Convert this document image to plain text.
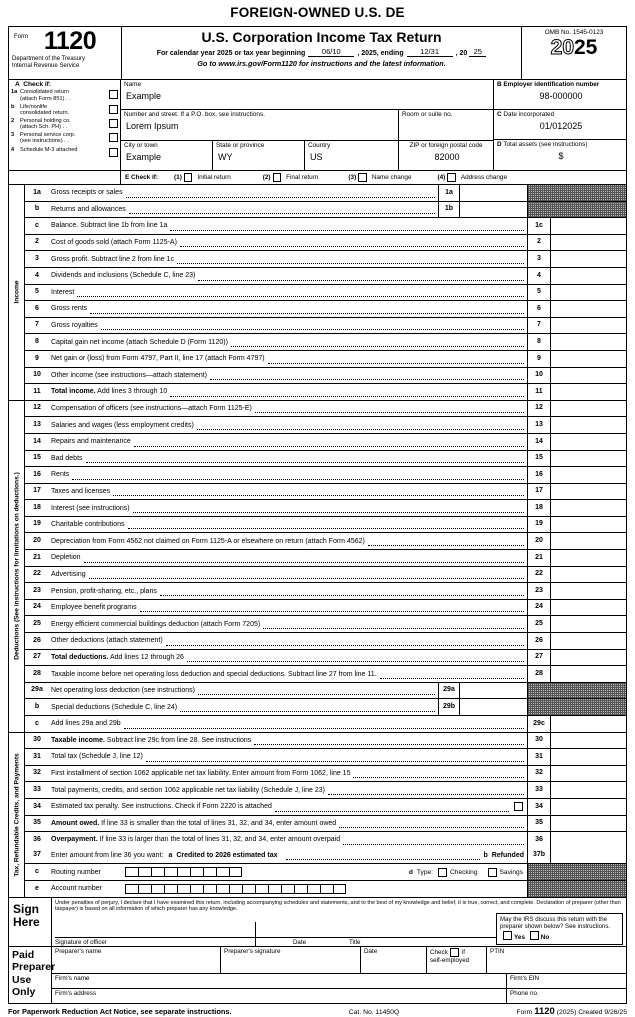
FOREIGN-OWNED U.S. DE
Form 1120
Department of the Treasury
Internal Revenue Service
U.S. Corporation Income Tax Return
For calendar year 2025 or tax year beginning	06/10	, 2025, ending	12/31	, 20 25
Go to www.irs.gov/Form1120 for instructions and the latest information.
OMB No. 1545-0123
2025
A Check if:
1a Consolidated return
(attach Form 851) . .
b Life/nonlife
consolidated return.
2	Personal holding co.
(attach Sch. PH) . .
3	Personal service corp.
(see instructions) . .
4	Schedule M-3 attached
Name
Example
Number and street. If a P.O. box, see instructions.
Lorem Ipsum
Room or suite no.
City or town
Example
State or province
WY
Country
US
ZIP or foreign postal code
82000
B Employer identification number
98-000000
C Date incorporated
01/012025
D Total assets (see instructions)
$
E
Check if:	(1) Initial return	(2) Final return	(3) Name change	(4) Address change
Income
1a	Gross receipts or sales	1a
b	Returns and allowances	1b
c	Balance. Subtract line 1b from line 1a	1c
2	Cost of goods sold (attach Form 1125-A)	2
3	Gross profit. Subtract line 2 from line 1c	3
4	Dividends and inclusions (Schedule C, line 23)	4
5	Interest	5
6	Gross rents	6
7	Gross royalties	7
8	Capital gain net income (attach Schedule D (Form 1120))	8
9	Net gain or (loss) from Form 4797, Part II, line 17 (attach Form 4797)	9
10	Other income (see instructions—attach statement)	10
11	Total income. Add lines 3 through 10	11
Deductions (See instructions for limitations on deductions.)
12	Compensation of officers (see instructions—attach Form 1125-E)	12
13	Salaries and wages (less employment credits)	13
14	Repairs and maintenance	14
15	Bad debts	15
16	Rents	16
17	Taxes and licenses	17
18	Interest (see instructions)	18
19	Charitable contributions	19
20	Depreciation from Form 4562 not claimed on Form 1125-A or elsewhere on return (attach Form 4562)	20
21	Depletion	21
22	Advertising	22
23	Pension, profit-sharing, etc., plans	23
24	Employee benefit programs	24
25	Energy efficient commercial buildings deduction (attach Form 7205)	25
26	Other deductions (attach statement)	26
27	Total deductions. Add lines 12 through 26	27
28	Taxable income before net operating loss deduction and special deductions. Subtract line 27 from line 11.	28
29a	Net operating loss deduction (see instructions)	29a
b	Special deductions (Schedule C, line 24)	29b
c	Add lines 29a and 29b	29c
Tax, Refundable Credits, and Payments
30	Taxable income. Subtract line 29c from line 28. See instructions	30
31	Total tax (Schedule J, line 12)	31
32	First installment of section 1062 applicable net tax liability. Enter amount from Form 1062, line 15	32
33	Total payments, credits, and section 1062 applicable net tax liability (Schedule J, line 23)	33
34	Estimated tax penalty. See instructions. Check if Form 2220 is attached	34
35	Amount owed. If line 33 is smaller than the total of lines 31, 32, and 34, enter amount owed	35
36	Overpayment. If line 33 is larger than the total of lines 31, 32, and 34, enter amount overpaid	36
37	Enter amount from line 36 you want: a Credited to 2026 estimated tax	b Refunded	37b
c	Routing number	d Type:	Checking	Savings
e	Account number
Sign
Here
Under penalties of perjury, I declare that I have examined this return, including accompanying schedules and statements, and to the best of my knowledge and belief, it is true, correct, and complete. Declaration of preparer (other than taxpayer) is based on all information of which preparer has any knowledge.
Signature of officer	Date	Title
May the IRS discuss this return with the preparer shown below? See instructions. Yes No
Paid
Preparer
Use Only
Preparer's name	Preparer's signature	Date	Check if
self-employed
PTIN
Firm's name	Firm's EIN
Firm's address	Phone no.
For Paperwork Reduction Act Notice, see separate instructions.	Cat. No. 11450Q	Form 1120 (2025) Created 9/26/25
